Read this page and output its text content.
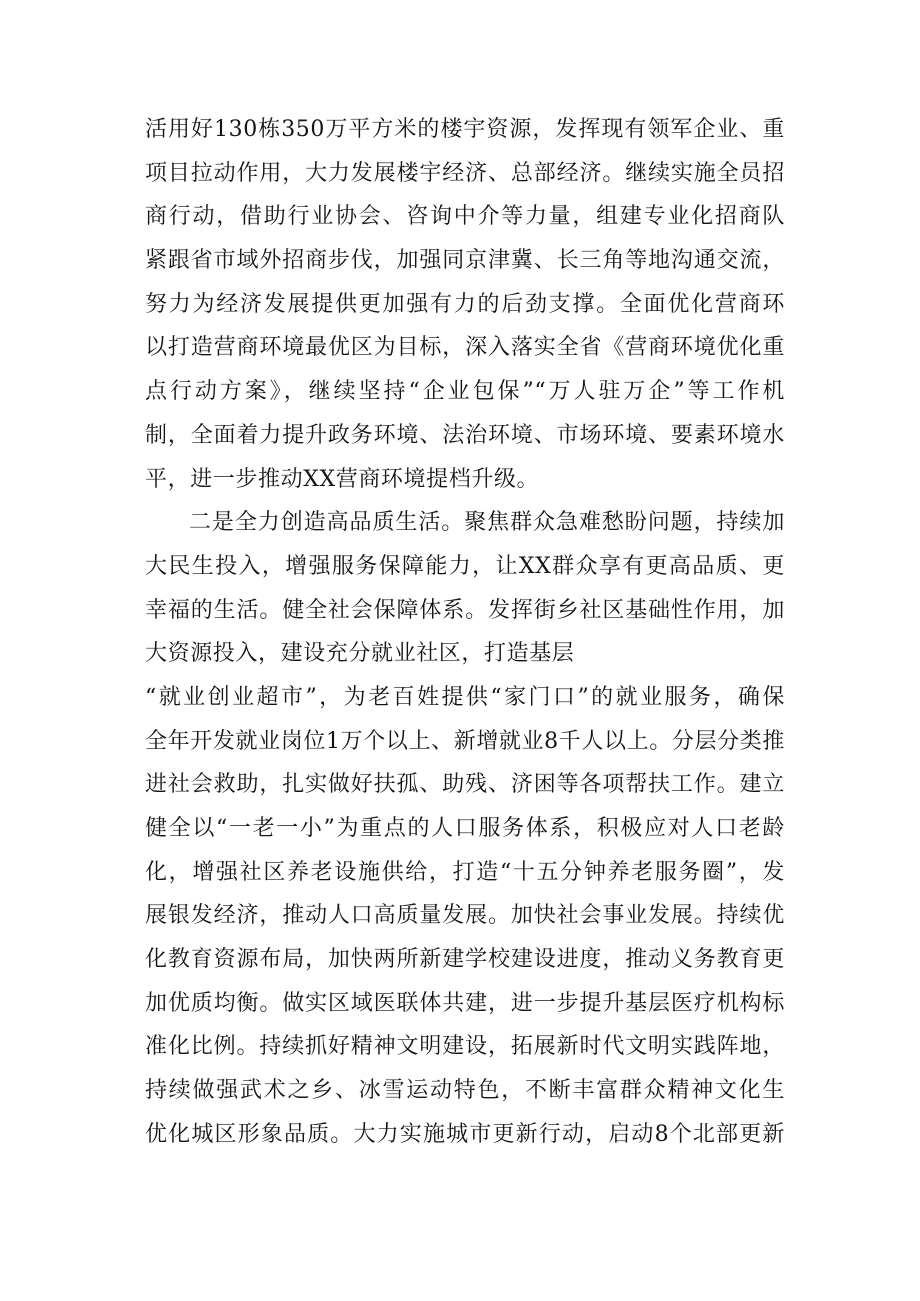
活用好130栋350万平方米的楼宇资源，发挥现有领军企业、重
项目拉动作用，大力发展楼宇经济、总部经济。继续实施全员招
商行动，借助行业协会、咨询中介等力量，组建专业化招商队
紧跟省市域外招商步伐，加强同京津冀、长三角等地沟通交流，
努力为经济发展提供更加强有力的后劲支撑。全面优化营商环
以打造营商环境最优区为目标，深入落实全省《营商环境优化重
点行动方案》，继续坚持“企业包保”“万人驻万企”等工作机
制，全面着力提升政务环境、法治环境、市场环境、要素环境水
平，进一步推动XX营商环境提档升级。
二是全力创造高品质生活。聚焦群众急难愁盼问题，持续加
大民生投入，增强服务保障能力，让XX群众享有更高品质、更
幸福的生活。健全社会保障体系。发挥街乡社区基础性作用，加
大资源投入，建设充分就业社区，打造基层
“就业创业超市”，为老百姓提供“家门口”的就业服务，确保
全年开发就业岗位1万个以上、新增就业8千人以上。分层分类推
进社会救助，扎实做好扶孤、助残、济困等各项帮扶工作。建立
健全以“一老一小”为重点的人口服务体系，积极应对人口老龄
化，增强社区养老设施供给，打造“十五分钟养老服务圈”，发
展银发经济，推动人口高质量发展。加快社会事业发展。持续优
化教育资源布局，加快两所新建学校建设进度，推动义务教育更
加优质均衡。做实区域医联体共建，进一步提升基层医疗机构标
准化比例。持续抓好精神文明建设，拓展新时代文明实践阵地，
持续做强武术之乡、冰雪运动特色，不断丰富群众精神文化生
优化城区形象品质。大力实施城市更新行动，启动8个北部更新
